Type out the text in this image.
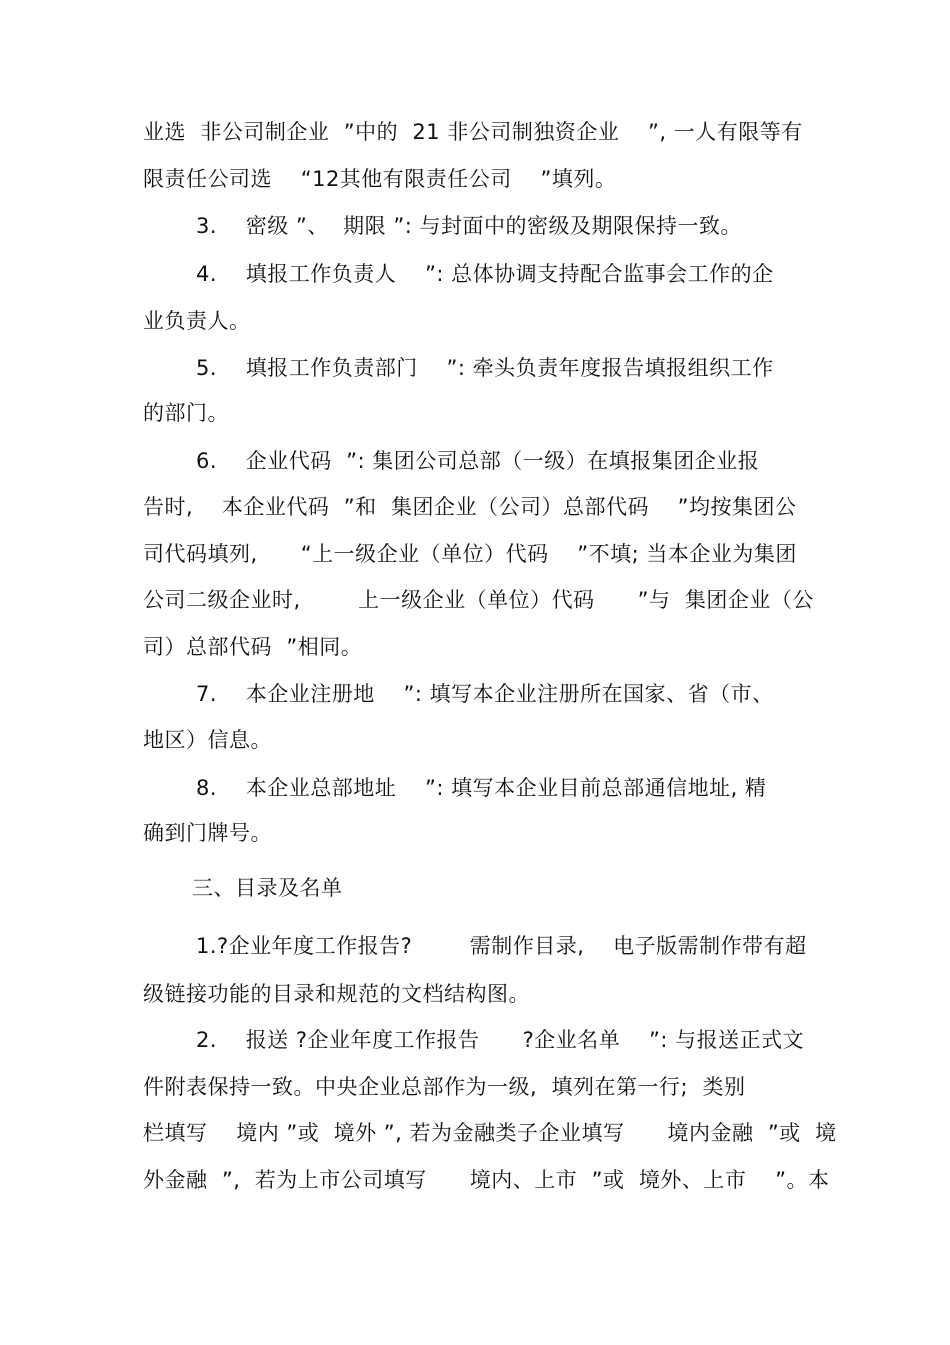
业选  非公司制企业  ”中的  21 非公司制独资企业    ”, 一人有限等有
限责任公司选    “12其他有限责任公司    ”填列。
3.    密级 ”、  期限 ”: 与封面中的密级及期限保持一致。
4.    填报工作负责人    ”: 总体协调支持配合监事会工作的企
业负责人。
5.    填报工作负责部门    ”: 牵头负责年度报告填报组织工作
的部门。
6.    企业代码  ”: 集团公司总部（一级）在填报集团企业报
告时,    本企业代码  ”和  集团企业（公司）总部代码    ”均按集团公
司代码填列,      “上一级企业（单位）代码    ”不填; 当本企业为集团
公司二级企业时,        上一级企业（单位）代码      ”与  集团企业（公
司）总部代码  ”相同。
7.    本企业注册地    ”: 填写本企业注册所在国家、省（市、
地区）信息。
8.    本企业总部地址    ”: 填写本企业目前总部通信地址, 精
确到门牌号。
三、目录及名单
1.?企业年度工作报告?        需制作目录,    电子版需制作带有超
级链接功能的目录和规范的文档结构图。
2.    报送 ?企业年度工作报告      ?企业名单    ”: 与报送正式文
件附表保持一致。中央企业总部作为一级,  填列在第一行;  类别
栏填写    境内 ”或  境外 ”, 若为金融类子企业填写      境内金融  ”或  境
外金融  ”,  若为上市公司填写      境内、上市  ”或  境外、上市    ”。本
